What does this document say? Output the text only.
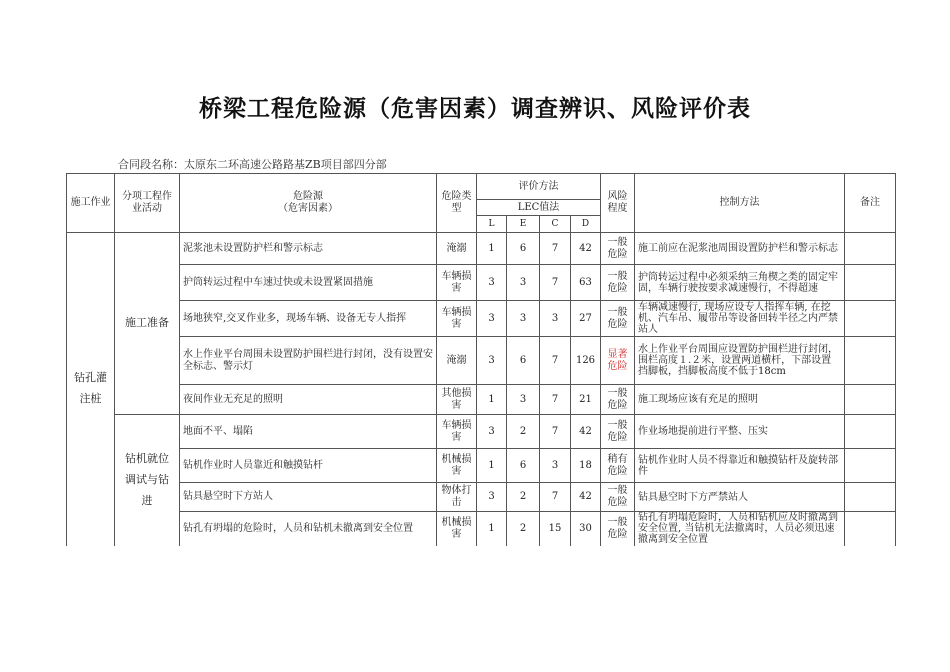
桥梁工程危险源（危害因素）调查辨识、风险评价表
合同段名称：太原东二环高速公路路基ZB项目部四分部
施工作业	分项工程作业活动	危险源
（危害因素）	危险类型	评价方法				风险程度	控制方法	备注
				LEC值法						
				L	E	C	D			

钻孔灌注桩	施工准备	泥浆池未设置防护栏和警示标志	淹溺	1	6	7	42	一般危险	施工前应在泥浆池周围设置防护栏和警示标志	
		护筒转运过程中车速过快或未设置紧固措施	车辆损害	3	3	7	63	一般危险	护筒转运过程中必须采纳三角楔之类的固定牢固，车辆行驶按要求减速慢行，不得超速	
		场地狭窄,交叉作业多，现场车辆、设备无专人指挥	车辆损害	3	3	3	27	一般危险	车辆减速慢行, 现场应设专人指挥车辆, 在挖机、汽车吊、履带吊等设备回转半径之内严禁站人	
		水上作业平台周围未设置防护围栏进行封闭，没有设置安全标志、警示灯	淹溺	3	6	7	126	显著危险	水上作业平台周围应设置防护围栏进行封闭，围栏高度１.２米，设置两道横杆，下部设置挡脚板，挡脚板高度不低于18cm	
		夜间作业无充足的照明	其他损害	1	3	7	21	一般危险	施工现场应该有充足的照明	

	钻机就位调试与钻进	地面不平、塌陷	车辆损害	3	2	7	42	一般危险	作业场地提前进行平整、压实	
		钻机作业时人员靠近和触摸钻杆	机械损害	1	6	3	18	稍有危险	钻机作业时人员不得靠近和触摸钻杆及旋转部件	
		钻具悬空时下方站人	物体打击	3	2	7	42	一般危险	钻具悬空时下方严禁站人	
		钻孔有坍塌的危险时，人员和钻机未撤离到安全位置	机械损害	1	2	15	30	一般危险	钻孔有坍塌危险时，人员和钻机应及时撤离到安全位置, 当钻机无法撤离时，人员必须迅速撤离到安全位置	
